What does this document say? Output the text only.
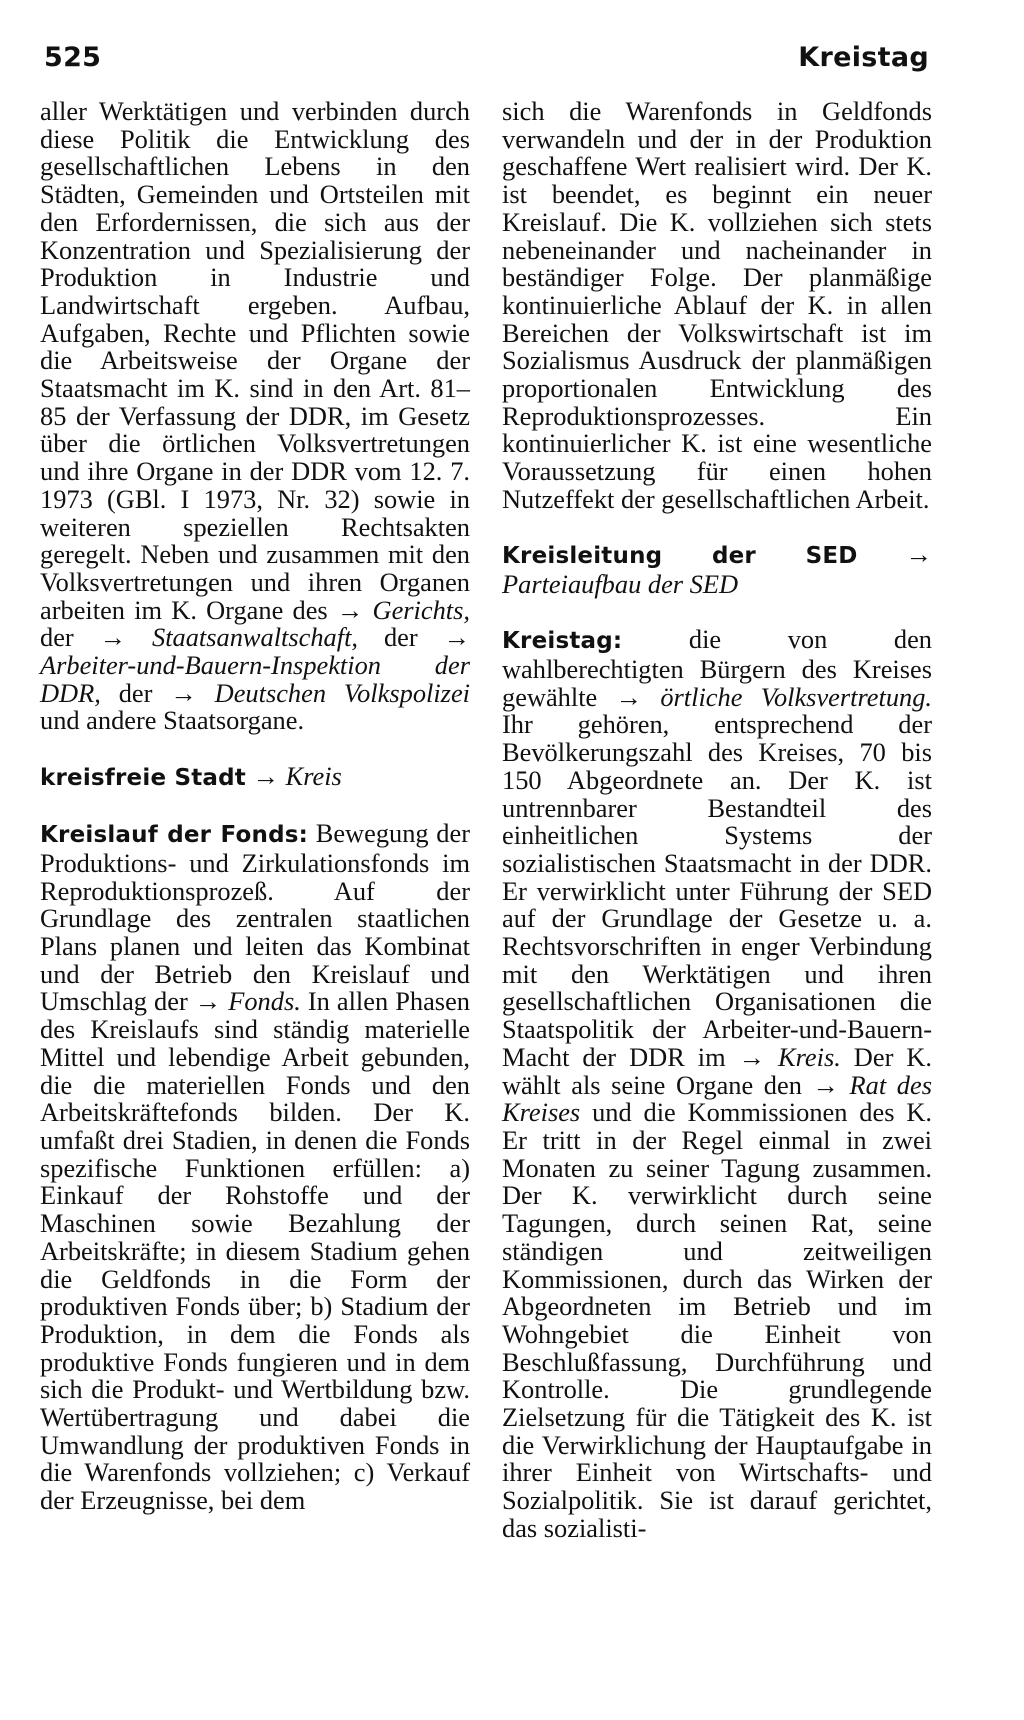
525	Kreistag

aller Werktätigen und verbinden durch diese Politik die Entwicklung des gesellschaftlichen Lebens in den Städten, Gemeinden und Ortsteilen mit den Erfordernissen, die sich aus der Konzentration und Spezialisierung der Produktion in Industrie und Landwirtschaft ergeben. Aufbau, Aufgaben, Rechte und Pflichten sowie die Arbeitsweise der Organe der Staatsmacht im K. sind in den Art. 81–85 der Verfassung der DDR, im Gesetz über die örtlichen Volksvertretungen und ihre Organe in der DDR vom 12. 7. 1973 (GBl. I 1973, Nr. 32) sowie in weiteren speziellen Rechtsakten geregelt. Neben und zusammen mit den Volksvertretungen und ihren Organen arbeiten im K. Organe des → Gerichts, der → Staatsanwaltschaft, der → Arbeiter-und-Bauern-Inspektion der DDR, der → Deutschen Volkspolizei und andere Staatsorgane.

kreisfreie Stadt → Kreis

Kreislauf der Fonds: Bewegung der Produktions- und Zirkulationsfonds im Reproduktionsprozeß. Auf der Grundlage des zentralen staatlichen Plans planen und leiten das Kombinat und der Betrieb den Kreislauf und Umschlag der → Fonds. In allen Phasen des Kreislaufs sind ständig materielle Mittel und lebendige Arbeit gebunden, die die materiellen Fonds und den Arbeitskräftefonds bilden. Der K. umfaßt drei Stadien, in denen die Fonds spezifische Funktionen erfüllen: a) Einkauf der Rohstoffe und der Maschinen sowie Bezahlung der Arbeitskräfte; in diesem Stadium gehen die Geldfonds in die Form der produktiven Fonds über; b) Stadium der Produktion, in dem die Fonds als produktive Fonds fungieren und in dem sich die Produkt- und Wertbildung bzw. Wertübertragung und dabei die Umwandlung der produktiven Fonds in die Warenfonds vollziehen; c) Verkauf der Erzeugnisse, bei dem

sich die Warenfonds in Geldfonds verwandeln und der in der Produktion geschaffene Wert realisiert wird. Der K. ist beendet, es beginnt ein neuer Kreislauf. Die K. vollziehen sich stets nebeneinander und nacheinander in beständiger Folge. Der planmäßige kontinuierliche Ablauf der K. in allen Bereichen der Volkswirtschaft ist im Sozialismus Ausdruck der planmäßigen proportionalen Entwicklung des Reproduktionsprozesses. Ein kontinuierlicher K. ist eine wesentliche Voraussetzung für einen hohen Nutzeffekt der gesellschaftlichen Arbeit.

Kreisleitung der SED → Parteiaufbau der SED

Kreistag: die von den wahlberechtigten Bürgern des Kreises gewählte → örtliche Volksvertretung. Ihr gehören, entsprechend der Bevölkerungszahl des Kreises, 70 bis 150 Abgeordnete an. Der K. ist untrennbarer Bestandteil des einheitlichen Systems der sozialistischen Staatsmacht in der DDR. Er verwirklicht unter Führung der SED auf der Grundlage der Gesetze u. a. Rechtsvorschriften in enger Verbindung mit den Werktätigen und ihren gesellschaftlichen Organisationen die Staatspolitik der Arbeiter-und-Bauern-Macht der DDR im → Kreis. Der K. wählt als seine Organe den → Rat des Kreises und die Kommissionen des K. Er tritt in der Regel einmal in zwei Monaten zu seiner Tagung zusammen. Der K. verwirklicht durch seine Tagungen, durch seinen Rat, seine ständigen und zeitweiligen Kommissionen, durch das Wirken der Abgeordneten im Betrieb und im Wohngebiet die Einheit von Beschlußfassung, Durchführung und Kontrolle. Die grundlegende Zielsetzung für die Tätigkeit des K. ist die Verwirklichung der Hauptaufgabe in ihrer Einheit von Wirtschafts- und Sozialpolitik. Sie ist darauf gerichtet, das sozialisti-
